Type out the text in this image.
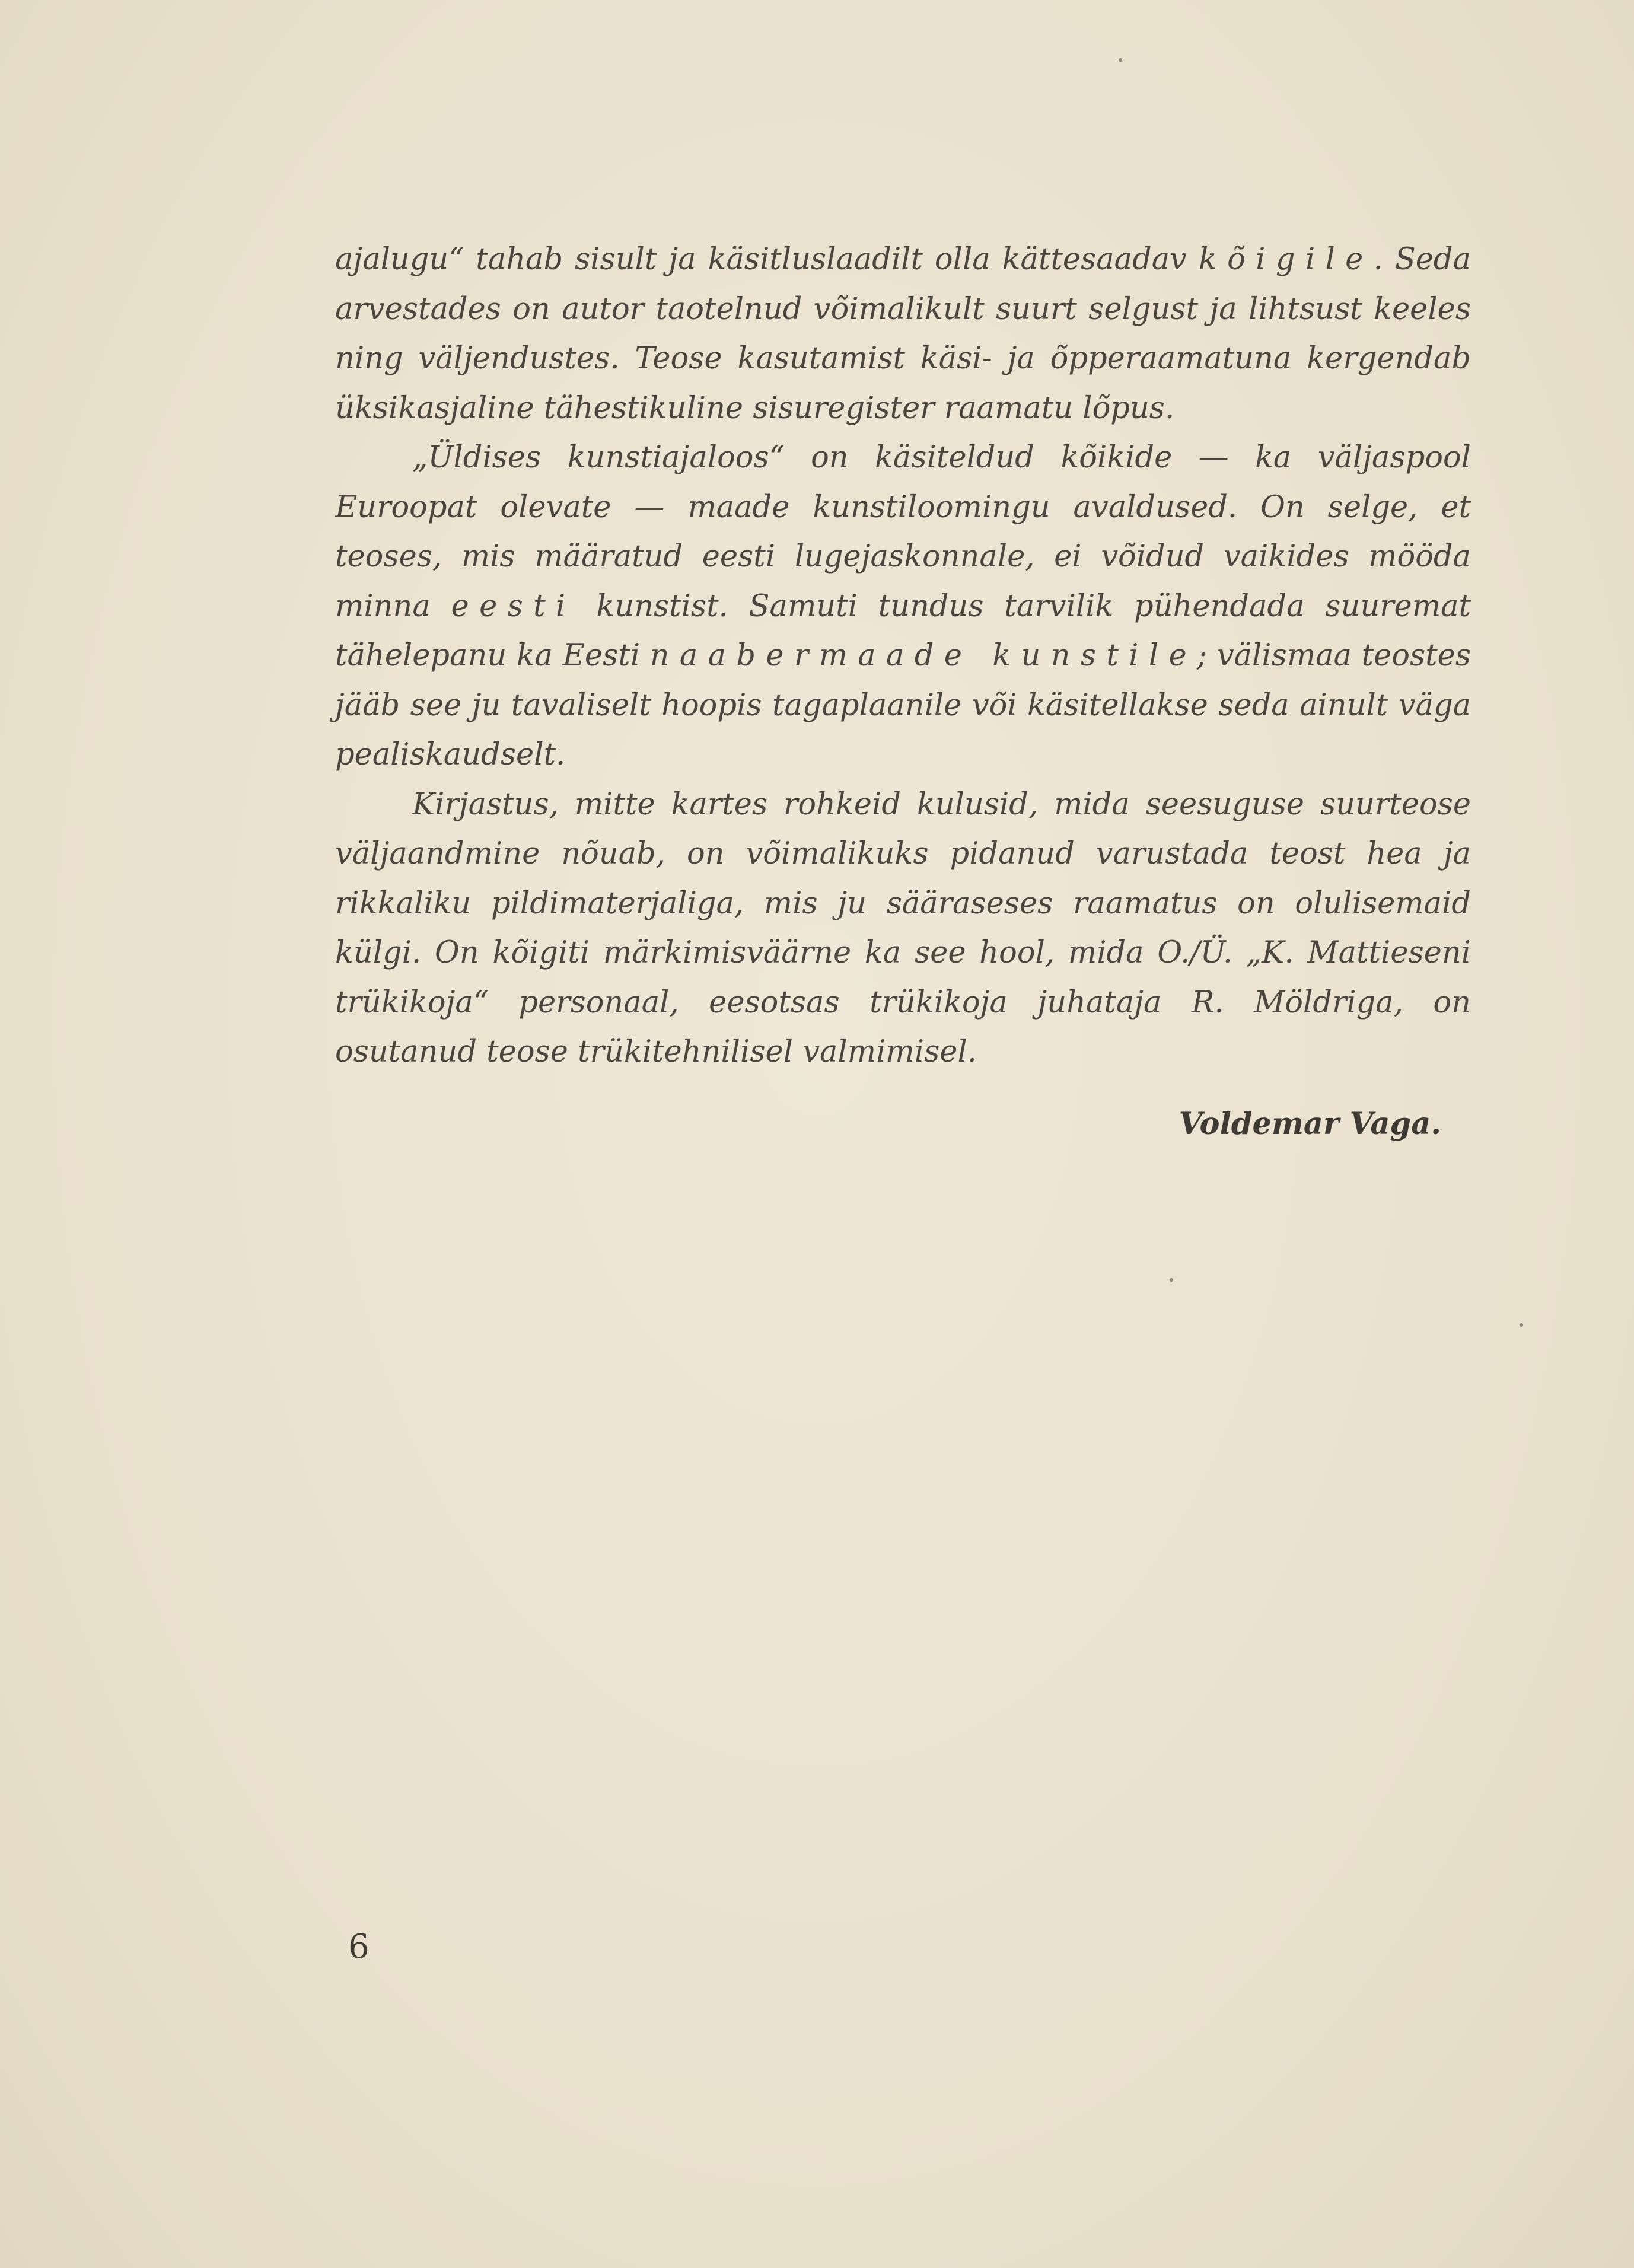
ajalugu“ tahab sisult ja käsitluslaadilt olla kättesaadav kõigile. Seda arvestades on autor taotelnud võimalikult suurt selgust ja lihtsust keeles ning väljendustes. Teose kasutamist käsi- ja õpperaamatuna kergendab üksikasjaline tähestikuline sisuregister raamatu lõpus.

„Üldises kunstiajaloos“ on käsiteldud kõikide — ka väljaspool Euroopat olevate — maade kunstiloomingu avaldused. On selge, et teoses, mis määratud eesti lugejaskonnale, ei võidud vaikides mööda minna eesti kunstist. Samuti tundus tarvilik pühendada suuremat tähelepanu ka Eesti naabermaade kunstile; välismaa teostes jääb see ju tavaliselt hoopis tagaplaanile või käsitellakse seda ainult väga pealiskaudselt.

Kirjastus, mitte kartes rohkeid kulusid, mida seesuguse suurteose väljaandmine nõuab, on võimalikuks pidanud varustada teost hea ja rikkaliku pildimaterjaliga, mis ju sääraseses raamatus on olulisemaid külgi. On kõigiti märkimisväärne ka see hool, mida O./Ü. „K. Mattieseni trükikoja“ personaal, eesotsas trükikoja juhataja R. Möldriga, on osutanud teose trükitehnilisel valmimisel.

Voldemar Vaga.
6
